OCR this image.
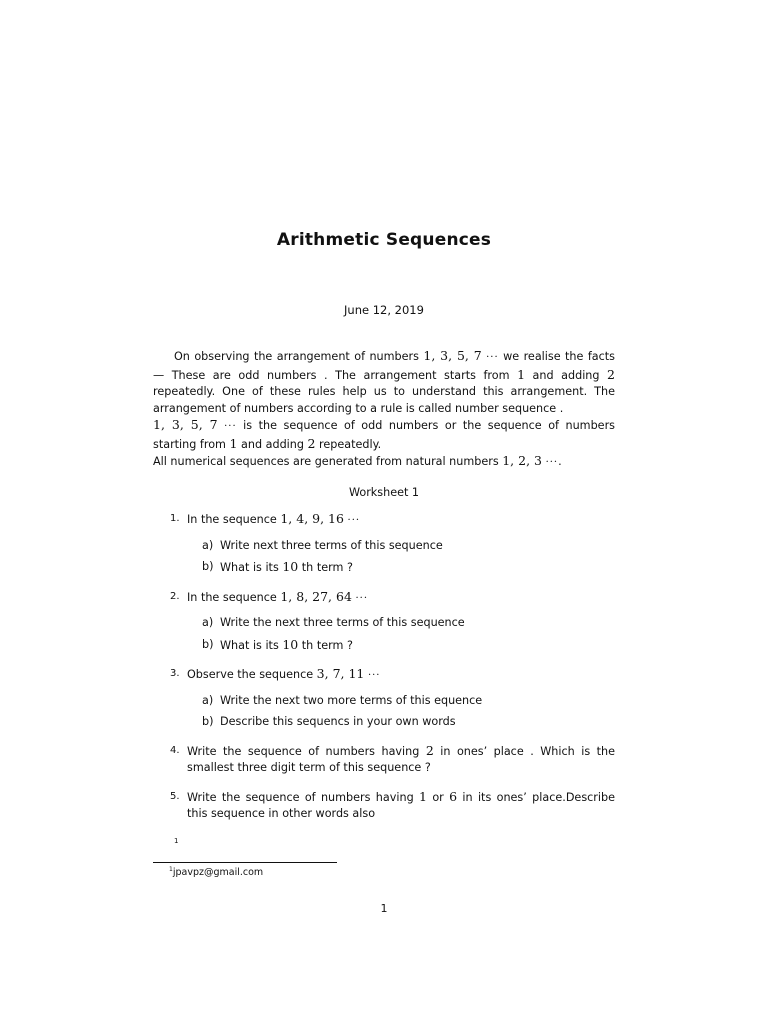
Arithmetic Sequences
June 12, 2019

On observing the arrangement of numbers 1, 3, 5, 7 ··· we realise the facts — These are odd numbers . The arrangement starts from 1 and adding 2 repeatedly. One of these rules help us to understand this arrangement. The arrangement of numbers according to a rule is called number sequence .

1, 3, 5, 7 ··· is the sequence of odd numbers or the sequence of numbers starting from 1 and adding 2 repeatedly.

All numerical sequences are generated from natural numbers 1, 2, 3 ···.

Worksheet 1
1. In the sequence 1, 4, 9, 16 ···
a) Write next three terms of this sequence
b) What is its 10 th term ?
2. In the sequence 1, 8, 27, 64 ···
a) Write the next three terms of this sequence
b) What is its 10 th term ?
3. Observe the sequence 3, 7, 11 ···
a) Write the next two more terms of this equence
b) Describe this sequencs in your own words
4. Write the sequence of numbers having 2 in ones’ place . Which is the smallest three digit term of this sequence ?
5. Write the sequence of numbers having 1 or 6 in its ones’ place.Describe this sequence in other words also
1
$^1$jpavpz@gmail.com
1
